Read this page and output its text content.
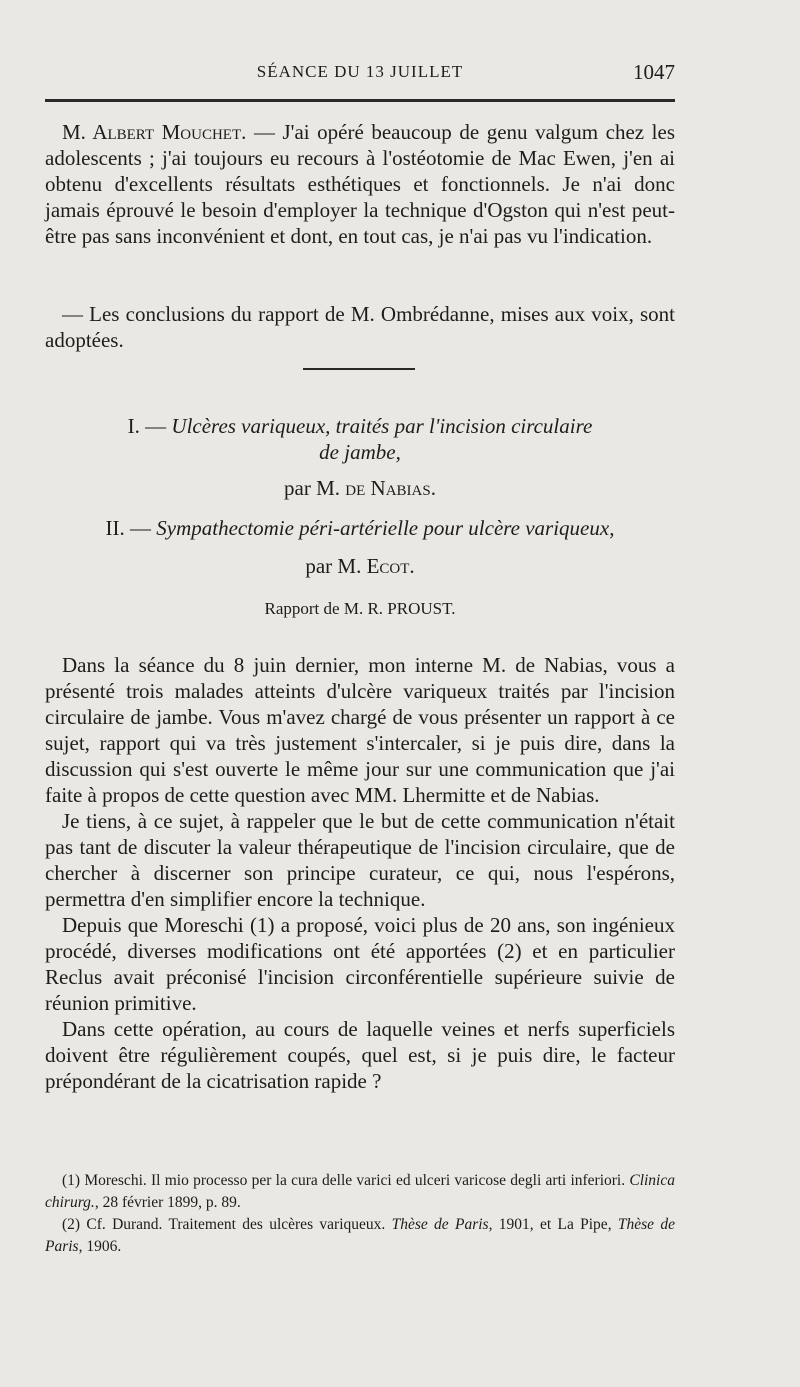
SÉANCE DU 13 JUILLET	1047

M. Albert Mouchet. — J'ai opéré beaucoup de genu valgum chez les adolescents ; j'ai toujours eu recours à l'ostéotomie de Mac Ewen, j'en ai obtenu d'excellents résultats esthétiques et fonctionnels. Je n'ai donc jamais éprouvé le besoin d'employer la technique d'Ogston qui n'est peut-être pas sans inconvénient et dont, en tout cas, je n'ai pas vu l'indication.

— Les conclusions du rapport de M. Ombrédanne, mises aux voix, sont adoptées.

I. — Ulcères variqueux, traités par l'incision circulaire
de jambe,
par M. de Nabias.
II. — Sympathectomie péri-artérielle pour ulcère variqueux,
par M. Ecot.
Rapport de M. R. PROUST.

Dans la séance du 8 juin dernier, mon interne M. de Nabias, vous a présenté trois malades atteints d'ulcère variqueux traités par l'incision circulaire de jambe. Vous m'avez chargé de vous présenter un rapport à ce sujet, rapport qui va très justement s'intercaler, si je puis dire, dans la discussion qui s'est ouverte le même jour sur une communication que j'ai faite à propos de cette question avec MM. Lhermitte et de Nabias.

Je tiens, à ce sujet, à rappeler que le but de cette communication n'était pas tant de discuter la valeur thérapeutique de l'incision circulaire, que de chercher à discerner son principe curateur, ce qui, nous l'espérons, permettra d'en simplifier encore la technique.

Depuis que Moreschi (1) a proposé, voici plus de 20 ans, son ingénieux procédé, diverses modifications ont été apportées (2) et en particulier Reclus avait préconisé l'incision circonférentielle supérieure suivie de réunion primitive.

Dans cette opération, au cours de laquelle veines et nerfs superficiels doivent être régulièrement coupés, quel est, si je puis dire, le facteur prépondérant de la cicatrisation rapide ?

(1) Moreschi. Il mio processo per la cura delle varici ed ulceri varicose degli arti inferiori. Clinica chirurg., 28 février 1899, p. 89.

(2) Cf. Durand. Traitement des ulcères variqueux. Thèse de Paris, 1901, et La Pipe, Thèse de Paris, 1906.
